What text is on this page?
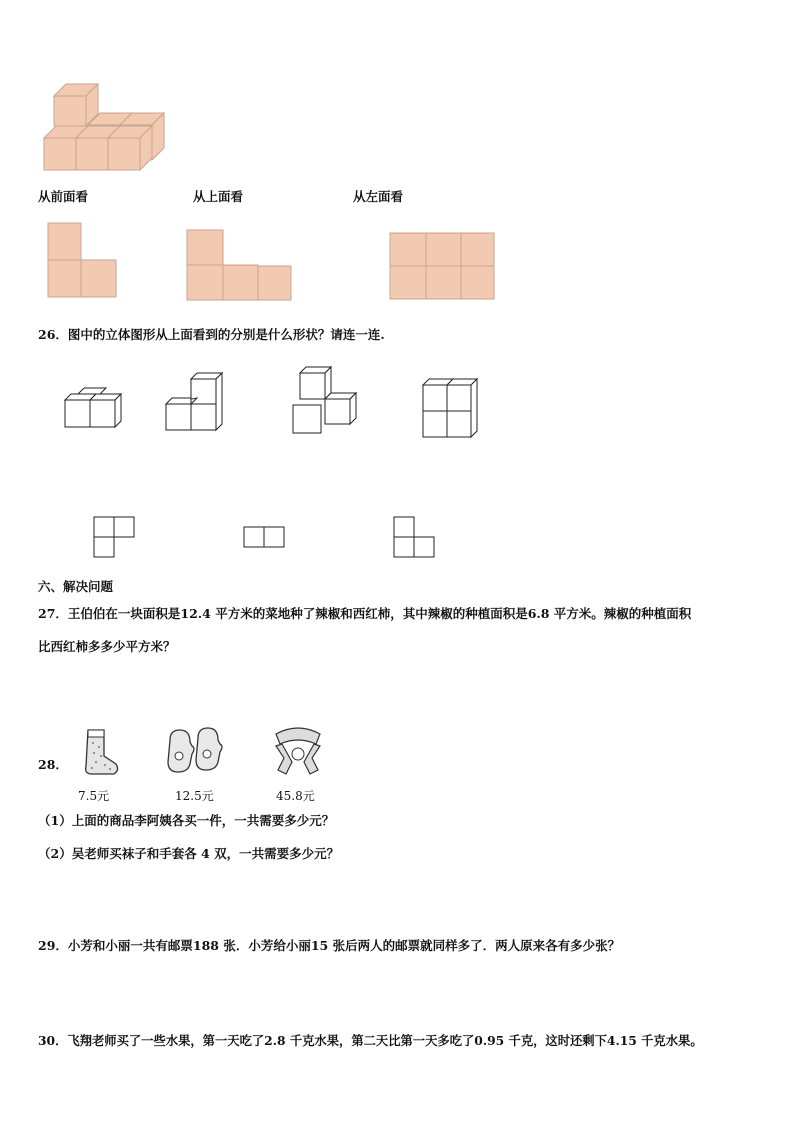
从前面看	从上面看	从左面看
26．图中的立体图形从上面看到的分别是什么形状？请连一连.
六、解决问题
27．王伯伯在一块面积是12.4 平方米的菜地种了辣椒和西红柿，其中辣椒的种植面积是6.8 平方米。辣椒的种植面积
比西红柿多多少平方米？
28．
7.5元	12.5元	45.8元
（1）上面的商品李阿姨各买一件，一共需要多少元？
（2）吴老师买袜子和手套各 4 双，一共需要多少元？
29．小芳和小丽一共有邮票188 张．小芳给小丽15 张后两人的邮票就同样多了．两人原来各有多少张？
30．飞翔老师买了一些水果，第一天吃了2.8 千克水果，第二天比第一天多吃了0.95 千克，这时还剩下4.15 千克水果。
